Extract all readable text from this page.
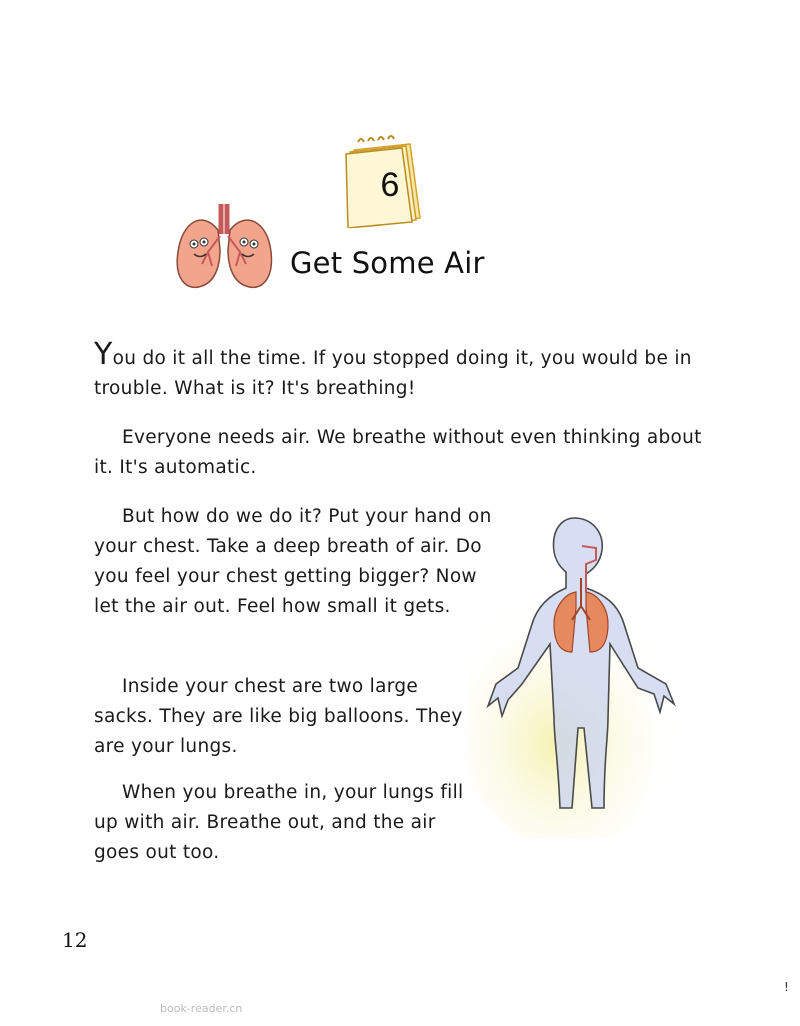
6
Get Some Air

You do it all the time. If you stopped doing it, you would be in trouble. What is it? It's breathing!

Everyone needs air. We breathe without even thinking about it. It's automatic.

But how do we do it? Put your hand on your chest. Take a deep breath of air. Do you feel your chest getting bigger? Now let the air out. Feel how small it gets.

Inside your chest are two large sacks. They are like big balloons. They are your lungs.

When you breathe in, your lungs fill up with air. Breathe out, and the air goes out too.

12
book-reader.cn
!
